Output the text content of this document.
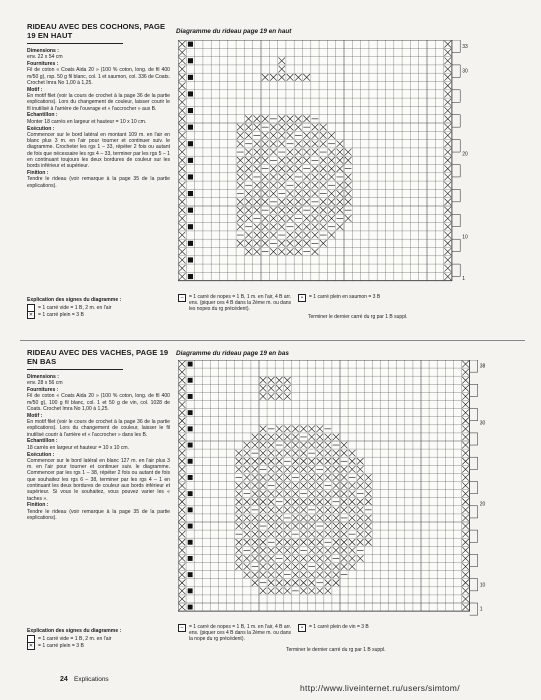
RIDEAU AVEC DES COCHONS, PAGE 19 EN HAUT
Dimensions :
env. 22 x 54 cm
Fournitures :
Fil de coton « Coats Aida 20 » (100 % coton, long. de fil 400 m/50 g), rsp. 50 g fil blanc, col. 1 et saumon, col. 336 de Coats. Crochet Imra No 1,00 à 1,25.
Motif :
En motif filet (voir la cours de crochet à la page 36 de la partie explications). Lors du changement de couleur, laisser courir le fil inutilisé à l'arrière de l'ouvrage et « l'accrocher » aux B.
Echantillon :
Monter 18 carrés en largeur et hauteur = 10 x 10 cm.
Exécution :
Commencer sur le bord latéral en montant 109 m. en l'air en blanc plus 3 m. en l'air pour tourner et continuer suiv. le diagramme. Crocheter les rgs 1 – 33, répéter 2 fois ou autant de fois que nécessaire les rgs 4 – 33, terminer par les rgs 5 – 1 en continuant toujours les deux bordures de couleur sur les bords inférieur et supérieur.
Finition :
Tendre le rideau (voir remarque à la page 35 de la partie explications).
Explication des signes du diagramme :
= 1 carré vide = 1 B, 2 m. en l'air
✕ = 1 carré plein = 3 B
Diagramme du rideau page 19 en haut
33
30
20
10
1
–	= 1 carré de nopes = 1 B, 1 m. en l'air, 4 B arr. ens. (piquer ces 4 B dans la 2ème m. ou dans les nopes du rg précédent).
•	= 1 carré plein en saumon = 3 B
Terminer le dernier carré du rg par 1 B suppl.
RIDEAU AVEC DES VACHES, PAGE 19 EN BAS
Dimensions :
env. 28 x 56 cm
Fournitures :
Fil de coton « Coats Aida 20 » (100 % coton, long. de fil 400 m/50 g), 100 g fil blanc, col. 1 et 50 g de vin, col. 1028 de Coats. Crochet Imra No 1,00 à 1,25.
Motif :
En motif filet (voir le cours de crochet à la page 36 de la partie explications). Lors du changement de couleur, laisser le fil inutilisé courir à l'arrière et « l'accrocher » dans les B.
Echantillon :
18 carrés en largeur et hauteur = 10 x 10 cm.
Exécution :
Commencer sur le bord latéral en blanc 127 m. en l'air plus 3 m. en l'air pour tourner et continuer suiv. le diagramme. Commencer par les rgs 1 – 38, répéter 2 fois ou autant de fois que souhaitez les rgs 6 – 38, terminer par les rgs 4 – 1 en continuant les deux bordures de couleur aux bords inférieur et supérieur. Si vous le souhaitez, vous pouvez varier les « taches ».
Finition :
Tendre le rideau (voir remarque à la page 35 de la partie explications).
Explication des signes du diagramme :
= 1 carré vide = 1 B, 2 m. en l'air
✕ = 1 carré plein = 3 B
Diagramme du rideau page 19 en bas
38
30
20
10
1
–	= 1 carré de nopes = 1 B, 1 m. en l'air, 4 B arr. ens. (piquer ces 4 B dans la 2ème m. ou dans la nope du rg précédent).
•	= 1 carré plein de vin = 3 B
Terminer le dernier carré du rg par 1 B suppl.
24 Explications
http://www.liveinternet.ru/users/simtom/
